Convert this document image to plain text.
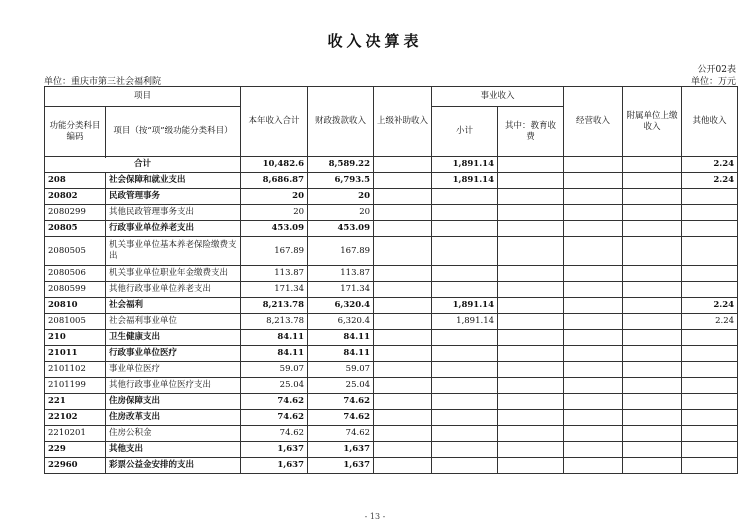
收入决算表
公开02表
单位：重庆市第三社会福利院	单位：万元
项目		本年收入合计	财政拨款收入	上级补助收入	事业收入		经营收入	附属单位上缴收入	其他收入
功能分类科目编码	项目（按“项”级功能分类科目）				小计	其中：教育收费			

合计		10,482.6	8,589.22		1,891.14				2.24
208	社会保障和就业支出	8,686.87	6,793.5		1,891.14				2.24
20802	民政管理事务	20	20						
2080299	其他民政管理事务支出	20	20						
20805	行政事业单位养老支出	453.09	453.09						
2080505	机关事业单位基本养老保险缴费支出	167.89	167.89						
2080506	机关事业单位职业年金缴费支出	113.87	113.87						
2080599	其他行政事业单位养老支出	171.34	171.34						
20810	社会福利	8,213.78	6,320.4		1,891.14				2.24
2081005	社会福利事业单位	8,213.78	6,320.4		1,891.14				2.24
210	卫生健康支出	84.11	84.11						
21011	行政事业单位医疗	84.11	84.11						
2101102	事业单位医疗	59.07	59.07						
2101199	其他行政事业单位医疗支出	25.04	25.04						
221	住房保障支出	74.62	74.62						
22102	住房改革支出	74.62	74.62						
2210201	住房公积金	74.62	74.62						
229	其他支出	1,637	1,637						
22960	彩票公益金安排的支出	1,637	1,637						
- 13 -
